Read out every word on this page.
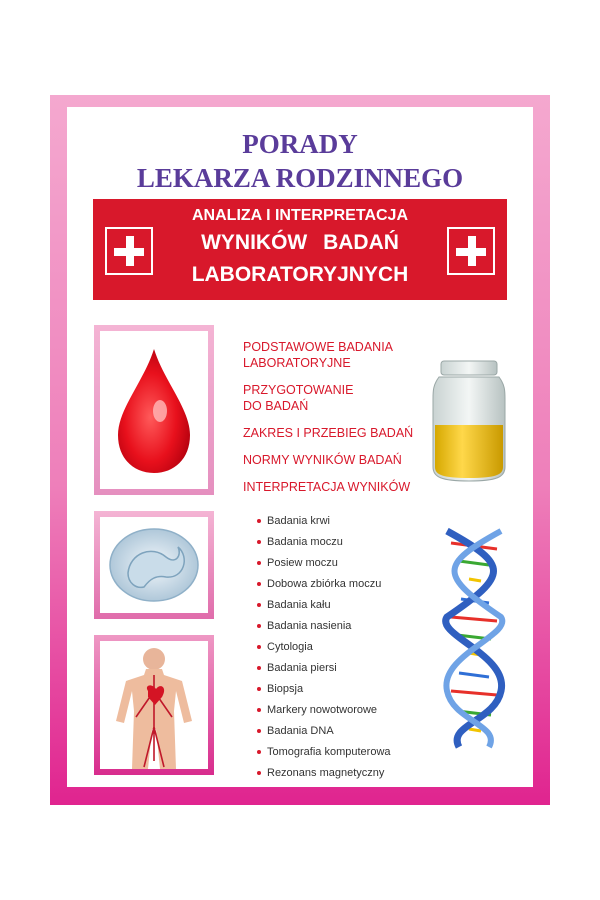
PORADY
LEKARZA RODZINNEGO

ANALIZA I INTERPRETACJA

WYNIKÓW BADAŃ

LABORATORYJNYCH

PODSTAWOWE BADANIA
LABORATORYJNE
PRZYGOTOWANIE
DO BADAŃ
ZAKRES I PRZEBIEG BADAŃ
NORMY WYNIKÓW BADAŃ
INTERPRETACJA WYNIKÓW
Badania krwi
Badania moczu
Posiew moczu
Dobowa zbiórka moczu
Badania kału
Badania nasienia
Cytologia
Badania piersi
Biopsja
Markery nowotworowe
Badania DNA
Tomografia komputerowa
Rezonans magnetyczny
